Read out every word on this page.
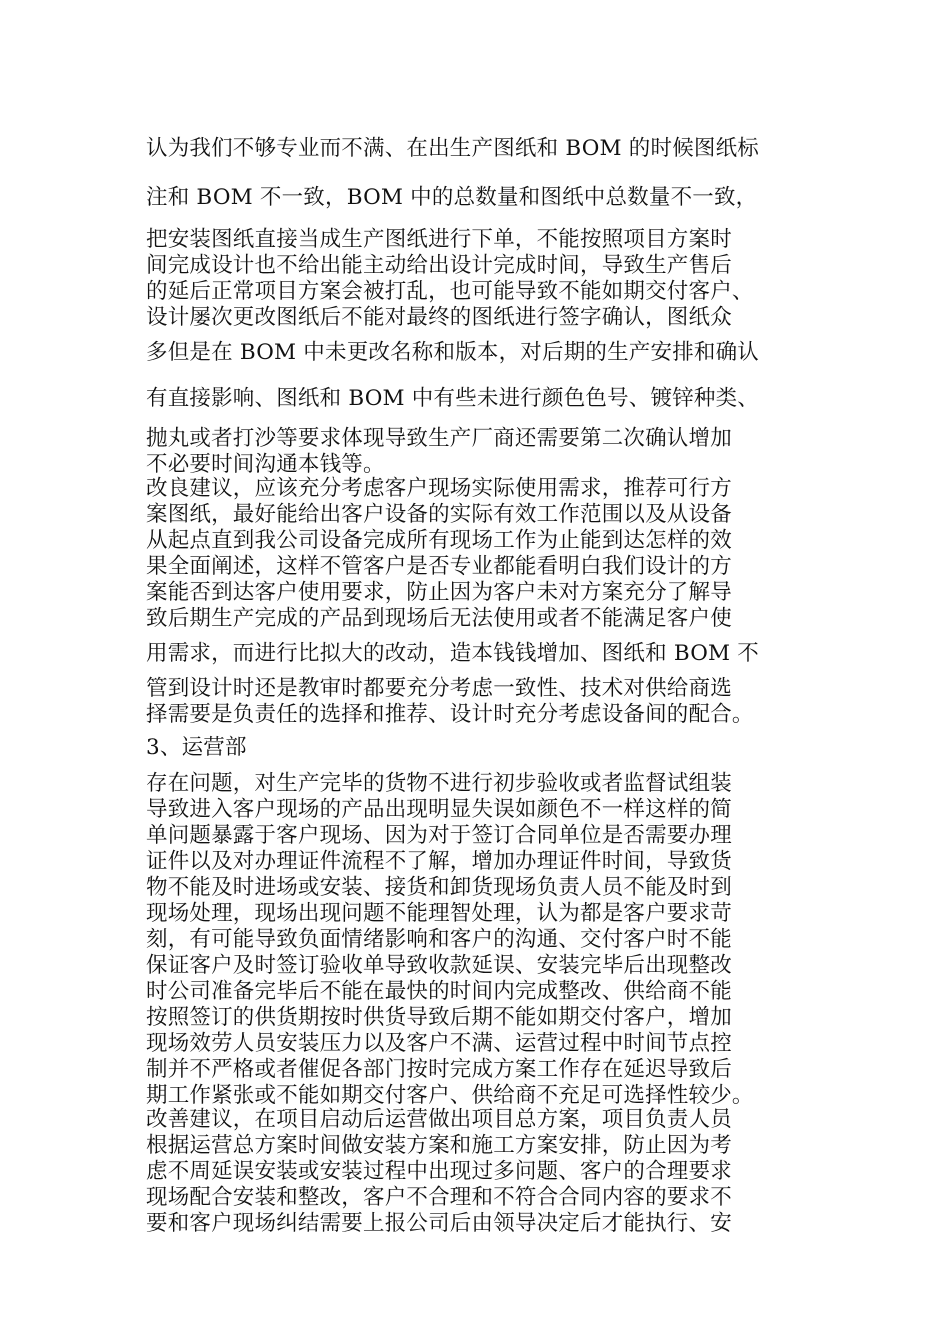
认为我们不够专业而不满、在出生产图纸和 BOM 的时候图纸标
注和 BOM 不一致，BOM 中的总数量和图纸中总数量不一致，
把安装图纸直接当成生产图纸进行下单，不能按照项目方案时
间完成设计也不给出能主动给出设计完成时间，导致生产售后
的延后正常项目方案会被打乱，也可能导致不能如期交付客户、
设计屡次更改图纸后不能对最终的图纸进行签字确认，图纸众
多但是在 BOM 中未更改名称和版本，对后期的生产安排和确认
有直接影响、图纸和 BOM 中有些未进行颜色色号、镀锌种类、
抛丸或者打沙等要求体现导致生产厂商还需要第二次确认增加
不必要时间沟通本钱等。
改良建议，应该充分考虑客户现场实际使用需求，推荐可行方
案图纸，最好能给出客户设备的实际有效工作范围以及从设备
从起点直到我公司设备完成所有现场工作为止能到达怎样的效
果全面阐述，这样不管客户是否专业都能看明白我们设计的方
案能否到达客户使用要求，防止因为客户未对方案充分了解导
致后期生产完成的产品到现场后无法使用或者不能满足客户使
用需求，而进行比拟大的改动，造本钱钱增加、图纸和 BOM 不
管到设计时还是教审时都要充分考虑一致性、技术对供给商选
择需要是负责任的选择和推荐、设计时充分考虑设备间的配合。
3、运营部
存在问题，对生产完毕的货物不进行初步验收或者监督试组装
导致进入客户现场的产品出现明显失误如颜色不一样这样的简
单问题暴露于客户现场、因为对于签订合同单位是否需要办理
证件以及对办理证件流程不了解，增加办理证件时间，导致货
物不能及时进场或安装、接货和卸货现场负责人员不能及时到
现场处理，现场出现问题不能理智处理，认为都是客户要求苛
刻，有可能导致负面情绪影响和客户的沟通、交付客户时不能
保证客户及时签订验收单导致收款延误、安装完毕后出现整改
时公司准备完毕后不能在最快的时间内完成整改、供给商不能
按照签订的供货期按时供货导致后期不能如期交付客户，增加
现场效劳人员安装压力以及客户不满、运营过程中时间节点控
制并不严格或者催促各部门按时完成方案工作存在延迟导致后
期工作紧张或不能如期交付客户、供给商不充足可选择性较少。
改善建议，在项目启动后运营做出项目总方案，项目负责人员
根据运营总方案时间做安装方案和施工方案安排，防止因为考
虑不周延误安装或安装过程中出现过多问题、客户的合理要求
现场配合安装和整改，客户不合理和不符合合同内容的要求不
要和客户现场纠结需要上报公司后由领导决定后才能执行、安
